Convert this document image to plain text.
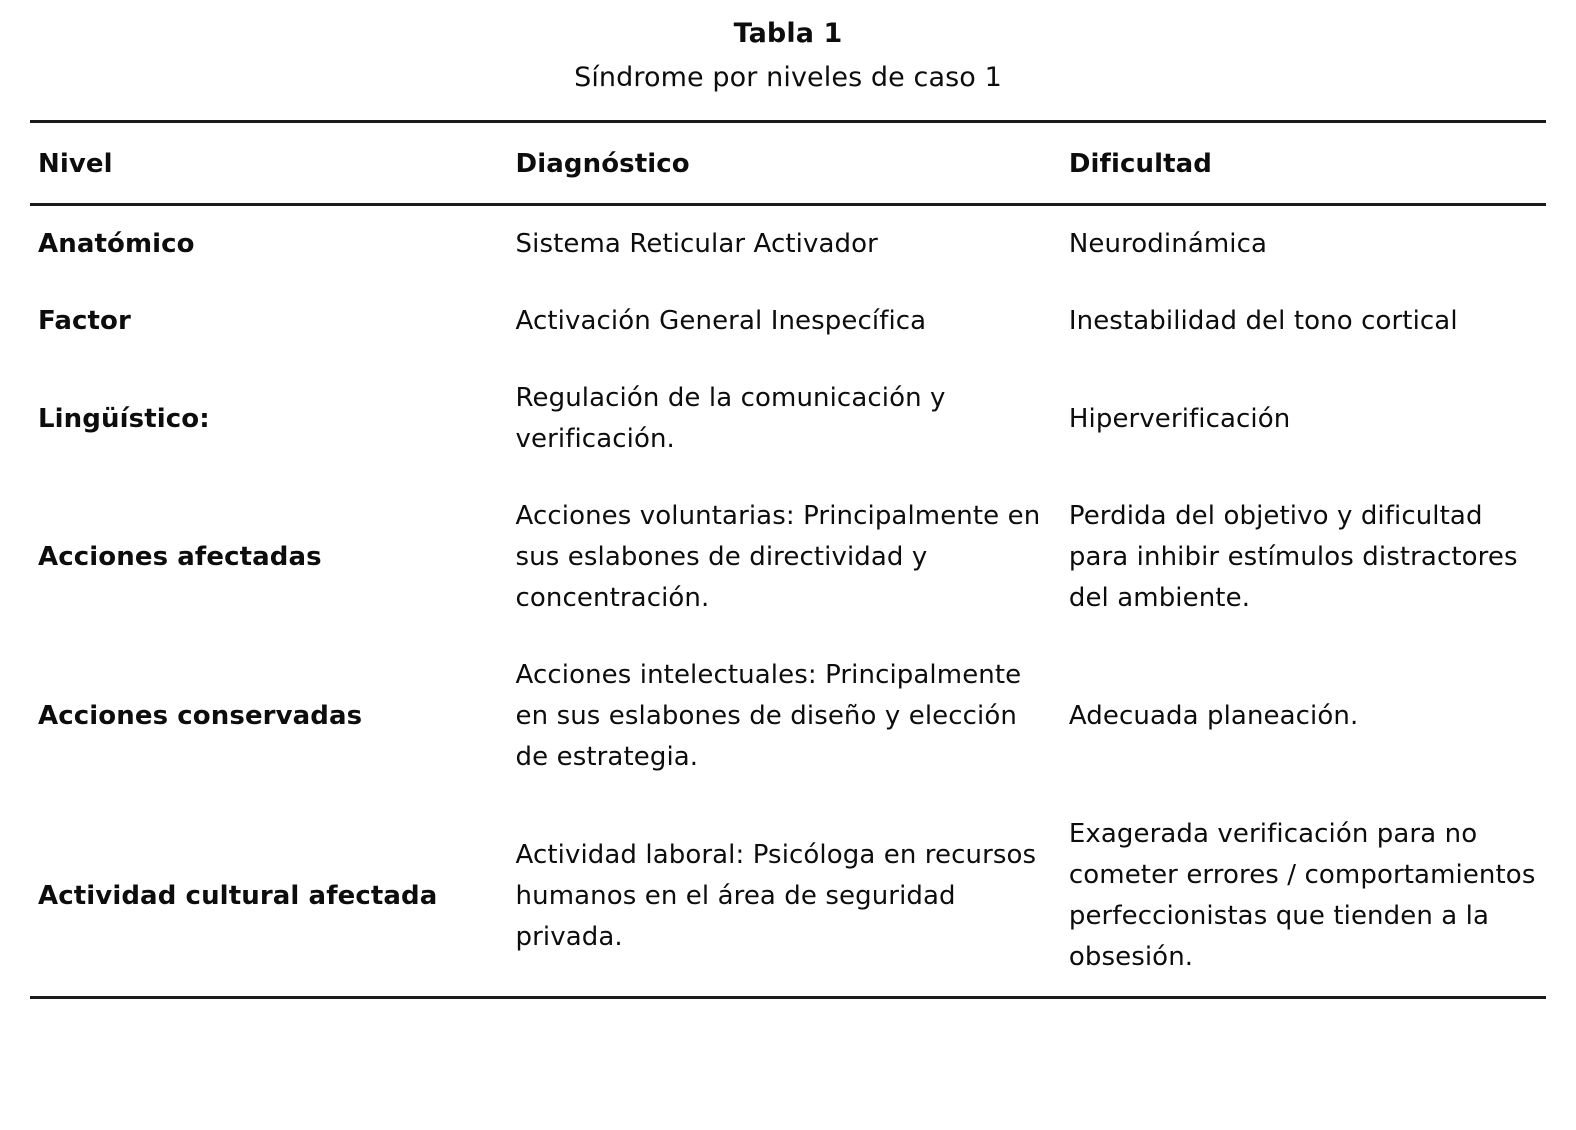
Tabla 1
Síndrome por niveles de caso 1
Nivel	Diagnóstico	Dificultad
Anatómico	Sistema Reticular Activador	Neurodinámica
Factor	Activación General Inespecífica	Inestabilidad del tono cortical
Lingüístico:	Regulación de la comunicación y verificación.	Hiperverificación
Acciones afectadas	Acciones voluntarias: Principalmente en sus eslabones de directividad y concentración.	Perdida del objetivo y dificultad para inhibir estímulos distractores del ambiente.
Acciones conservadas	Acciones intelectuales: Principalmente en sus eslabones de diseño y elección de estrategia.	Adecuada planeación.
Actividad cultural afectada	Actividad laboral: Psicóloga en recursos humanos en el área de seguridad privada.	Exagerada verificación para no cometer errores / comportamientos perfeccionistas que tienden a la obsesión.
